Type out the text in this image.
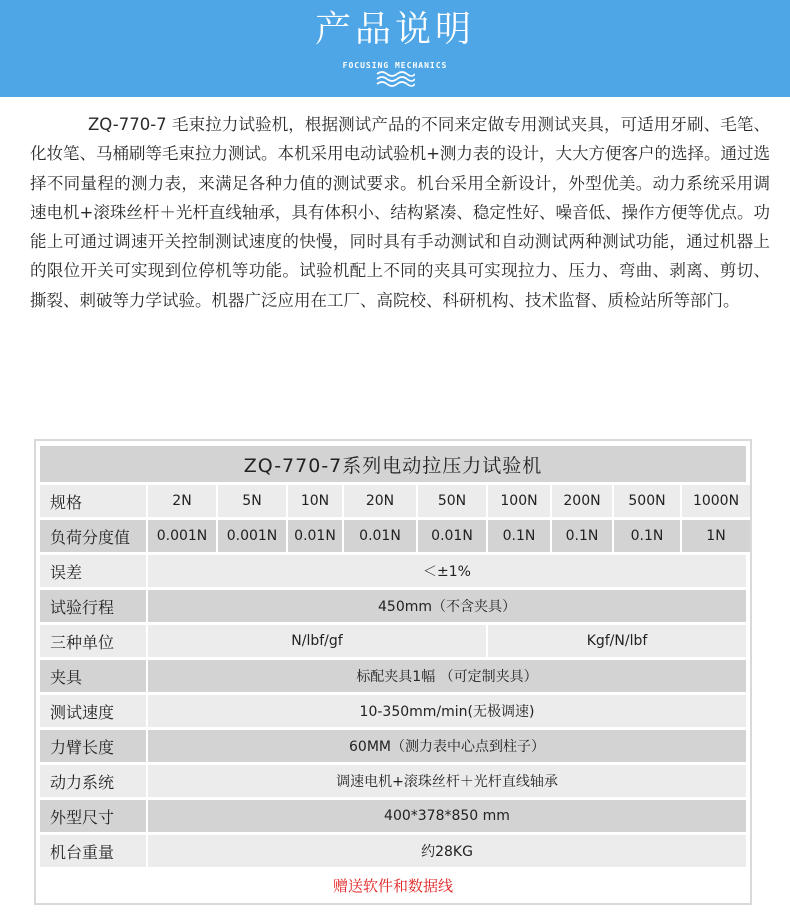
产品说明
FOCUSING MECHANICS

ZQ-770-7 毛束拉力试验机，根据测试产品的不同来定做专用测试夹具，可适用牙刷、毛笔、化妆笔、马桶刷等毛束拉力测试。本机采用电动试验机+测力表的设计，大大方便客户的选择。通过选择不同量程的测力表，来满足各种力值的测试要求。机台采用全新设计，外型优美。动力系统采用调速电机+滚珠丝杆＋光杆直线轴承，具有体积小、结构紧凑、稳定性好、噪音低、操作方便等优点。功能上可通过调速开关控制测试速度的快慢，同时具有手动测试和自动测试两种测试功能，通过机器上的限位开关可实现到位停机等功能。试验机配上不同的夹具可实现拉力、压力、弯曲、剥离、剪切、撕裂、刺破等力学试验。机器广泛应用在工厂、高院校、科研机构、技术监督、质检站所等部门。

ZQ-770-7系列电动拉压力试验机
规格	2N	5N	10N	20N	50N	100N	200N	500N	1000N
负荷分度值	0.001N	0.001N	0.01N	0.01N	0.01N	0.1N	0.1N	0.1N	1N
误差	＜±1%
试验行程	450mm（不含夹具）
三种单位	N/lbf/gf	Kgf/N/lbf
夹具	标配夹具1幅 （可定制夹具）
测试速度	10-350mm/min(无极调速)
力臂长度	60MM（测力表中心点到柱子）
动力系统	调速电机+滚珠丝杆＋光杆直线轴承
外型尺寸	400*378*850 mm
机台重量	约28KG
赠送软件和数据线
